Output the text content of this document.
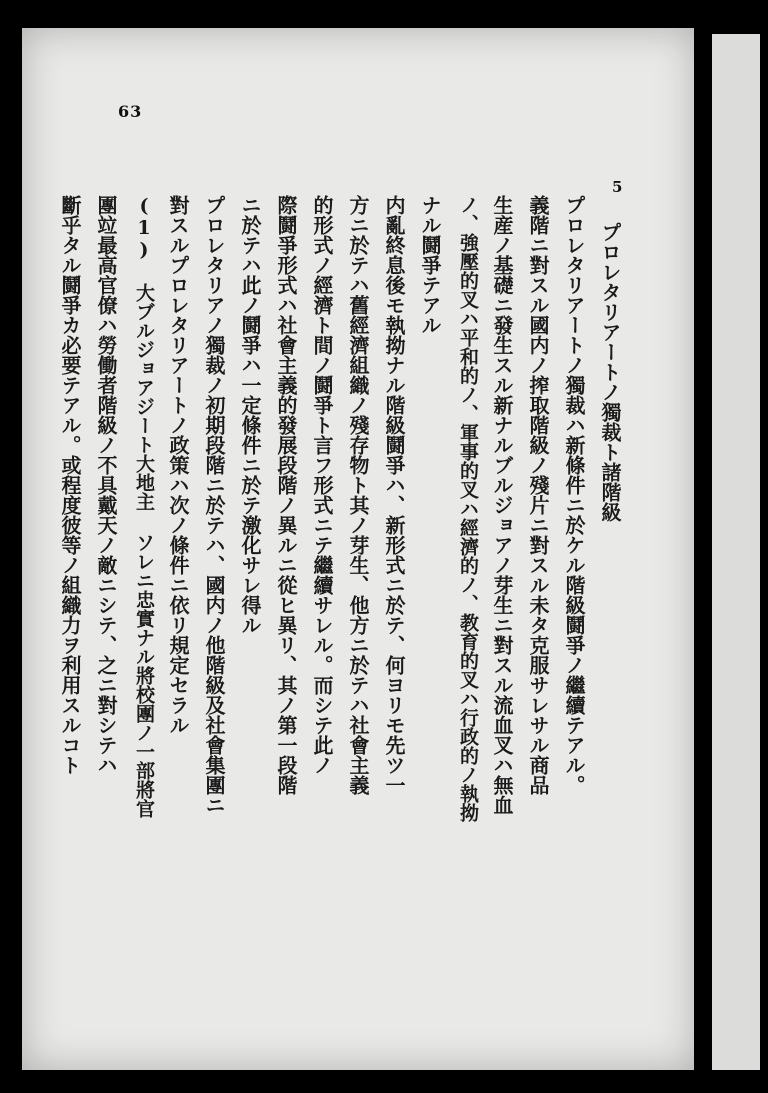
63
5
プロレタリアートノ獨裁ト諸階級
プロレタリアートノ獨裁ハ新條件ニ於ケル階級鬪爭ノ繼續テアル。
義階ニ對スル國内ノ搾取階級ノ殘片ニ對スル未タ克服サレサル商品
生産ノ基礎ニ發生スル新ナルブルジョアノ芽生ニ對スル流血叉ハ無血
ノ、強壓的叉ハ平和的ノ、軍事的叉ハ經濟的ノ、教育的叉ハ行政的ノ執拗
ナル鬪爭テアル
内亂終息後モ執拗ナル階級鬪爭ハ、新形式ニ於テ、何ヨリモ先ツ一
方ニ於テハ舊經濟組織ノ殘存物ト其ノ芽生、他方ニ於テハ社會主義
的形式ノ經濟ト間ノ鬪爭ト言フ形式ニテ繼續サレル。而シテ此ノ
際鬪爭形式ハ社會主義的發展段階ノ異ルニ從ヒ異リ、其ノ第一段階
ニ於テハ此ノ鬪爭ハ一定條件ニ於テ激化サレ得ル
プロレタリアノ獨裁ノ初期段階ニ於テハ、國内ノ他階級及社會集團ニ
對スルプロレタリアートノ政策ハ次ノ條件ニ依リ規定セラル
(1) 大ブルジョアジート大地主 ソレニ忠實ナル將校團ノ一部將官
團竝最高官僚ハ勞働者階級ノ不具戴天ノ敵ニシテ、之ニ對シテハ
斷乎タル鬪爭カ必要テアル。或程度彼等ノ組織力ヲ利用スルコト
